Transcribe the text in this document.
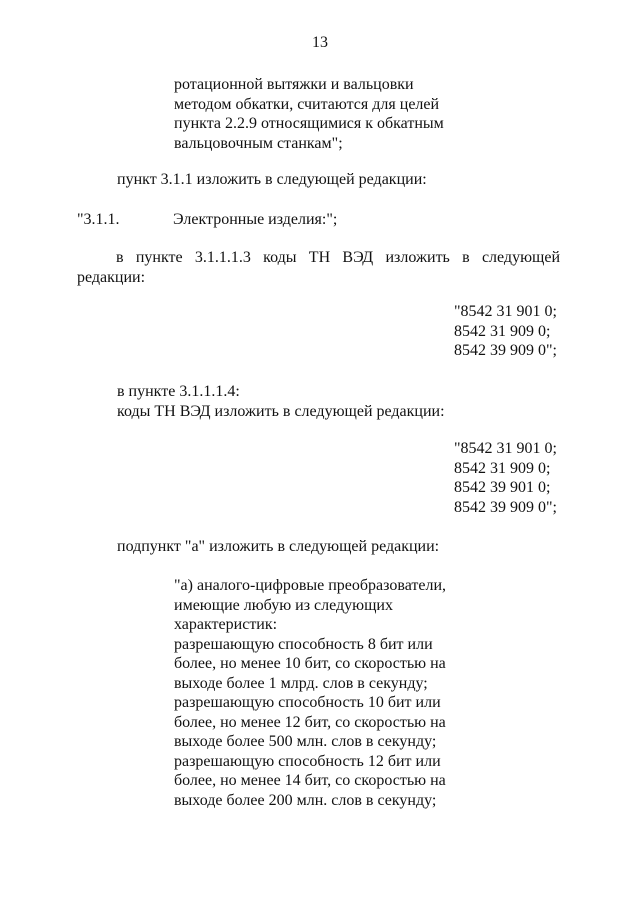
13
ротационной вытяжки и вальцовки
методом обкатки, считаются для целей
пункта 2.2.9 относящимися к обкатным
вальцовочным станкам";
пункт 3.1.1 изложить в следующей редакции:
"3.1.1.	Электронные изделия:";
в пункте 3.1.1.1.3 коды ТН ВЭД изложить в следующей
редакции:
"8542 31 901 0;
8542 31 909 0;
8542 39 909 0";
в пункте 3.1.1.1.4:
коды ТН ВЭД изложить в следующей редакции:
"8542 31 901 0;
8542 31 909 0;
8542 39 901 0;
8542 39 909 0";
подпункт "а" изложить в следующей редакции:
"а) аналого-цифровые преобразователи,
имеющие любую из следующих
характеристик:
разрешающую способность 8 бит или
более, но менее 10 бит, со скоростью на
выходе более 1 млрд. слов в секунду;
разрешающую способность 10 бит или
более, но менее 12 бит, со скоростью на
выходе более 500 млн. слов в секунду;
разрешающую способность 12 бит или
более, но менее 14 бит, со скоростью на
выходе более 200 млн. слов в секунду;
